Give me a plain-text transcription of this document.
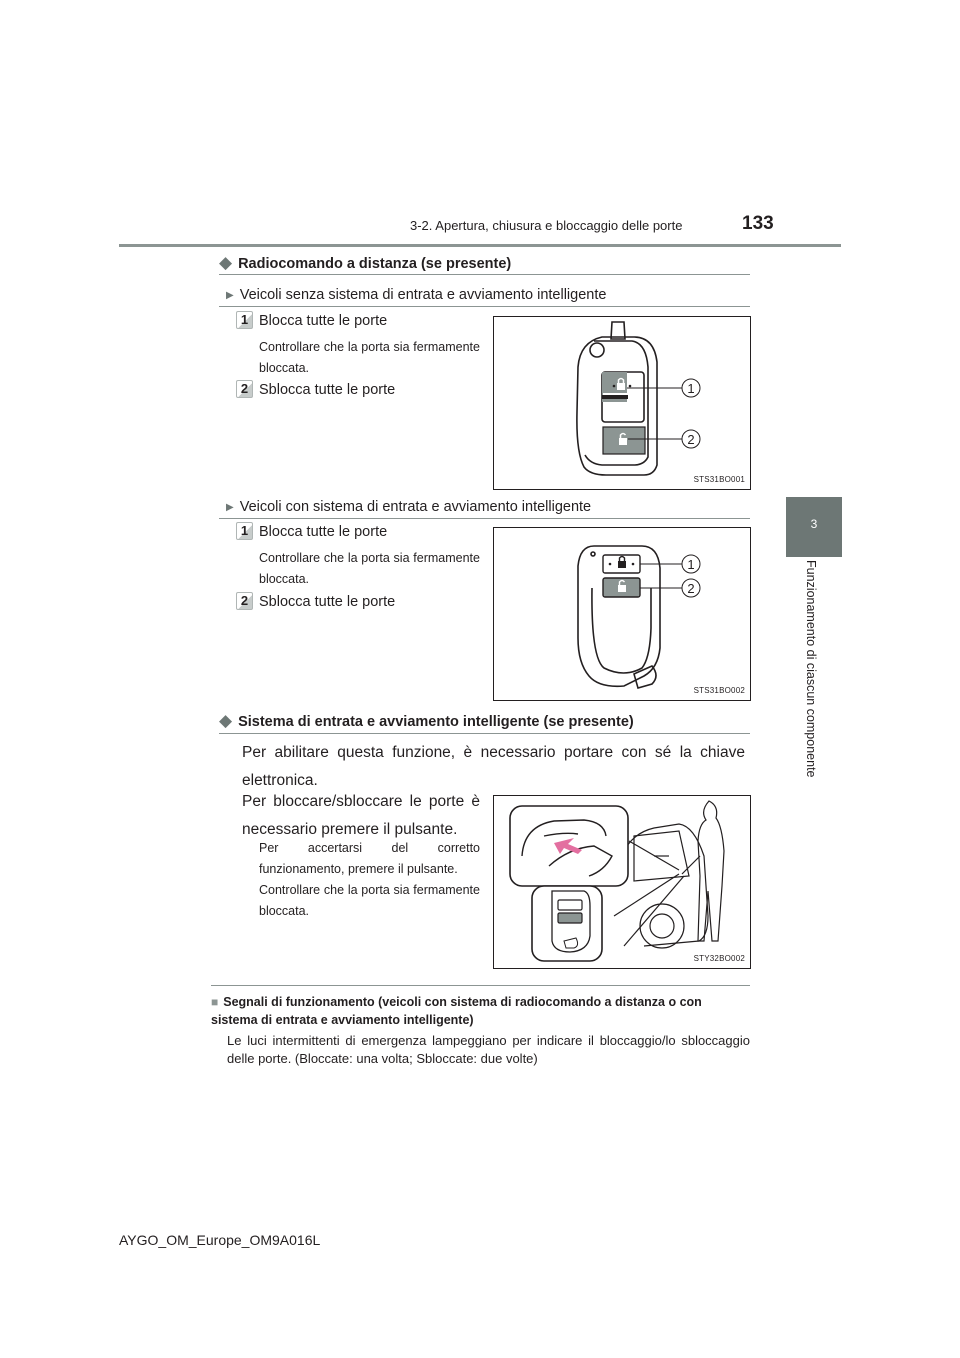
3-2. Apertura, chiusura e bloccaggio delle porte	133
3
Funzionamento di ciascun componente
◆ Radiocomando a distanza (se presente)
▶ Veicoli senza sistema di entrata e avviamento intelligente
1 Blocca tutte le porte
Controllare che la porta sia fermamente bloccata.
2 Sblocca tutte le porte	1
2
STS31BO001
▶ Veicoli con sistema di entrata e avviamento intelligente
1 Blocca tutte le porte
Controllare che la porta sia fermamente bloccata.
2 Sblocca tutte le porte
1
2
STS31BO002
◆ Sistema di entrata e avviamento intelligente (se presente)
Per abilitare questa funzione, è necessario portare con sé la chiave elettronica.
Per bloccare/sbloccare le porte è necessario premere il pulsante.
Per accertarsi del corretto funzionamento, premere il pulsante.
Controllare che la porta sia fermamente bloccata.
STY32BO002
■ Segnali di funzionamento (veicoli con sistema di radiocomando a distanza o con sistema di entrata e avviamento intelligente)
Le luci intermittenti di emergenza lampeggiano per indicare il bloccaggio/lo sbloccaggio delle porte. (Bloccate: una volta; Sbloccate: due volte)
AYGO_OM_Europe_OM9A016L
